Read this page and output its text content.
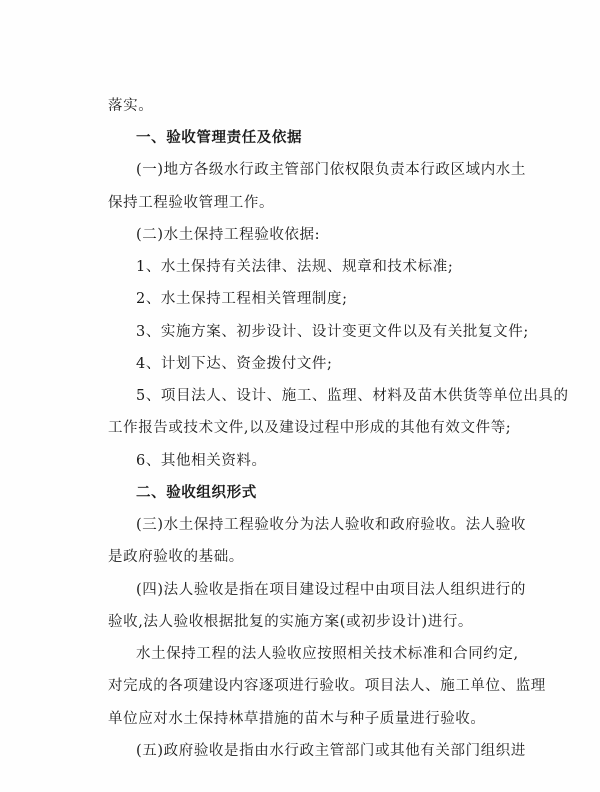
落实。
一、验收管理责任及依据
(一)地方各级水行政主管部门依权限负责本行政区域内水土
保持工程验收管理工作。
(二)水土保持工程验收依据:
1、水土保持有关法律、法规、规章和技术标准;
2、水土保持工程相关管理制度;
3、实施方案、初步设计、设计变更文件以及有关批复文件;
4、计划下达、资金拨付文件;
5、项目法人、设计、施工、监理、材料及苗木供货等单位出具的
工作报告或技术文件,以及建设过程中形成的其他有效文件等;
6、其他相关资料。
二、验收组织形式
(三)水土保持工程验收分为法人验收和政府验收。法人验收
是政府验收的基础。
(四)法人验收是指在项目建设过程中由项目法人组织进行的
验收,法人验收根据批复的实施方案(或初步设计)进行。
水土保持工程的法人验收应按照相关技术标准和合同约定,
对完成的各项建设内容逐项进行验收。项目法人、施工单位、监理
单位应对水土保持林草措施的苗木与种子质量进行验收。
(五)政府验收是指由水行政主管部门或其他有关部门组织进
